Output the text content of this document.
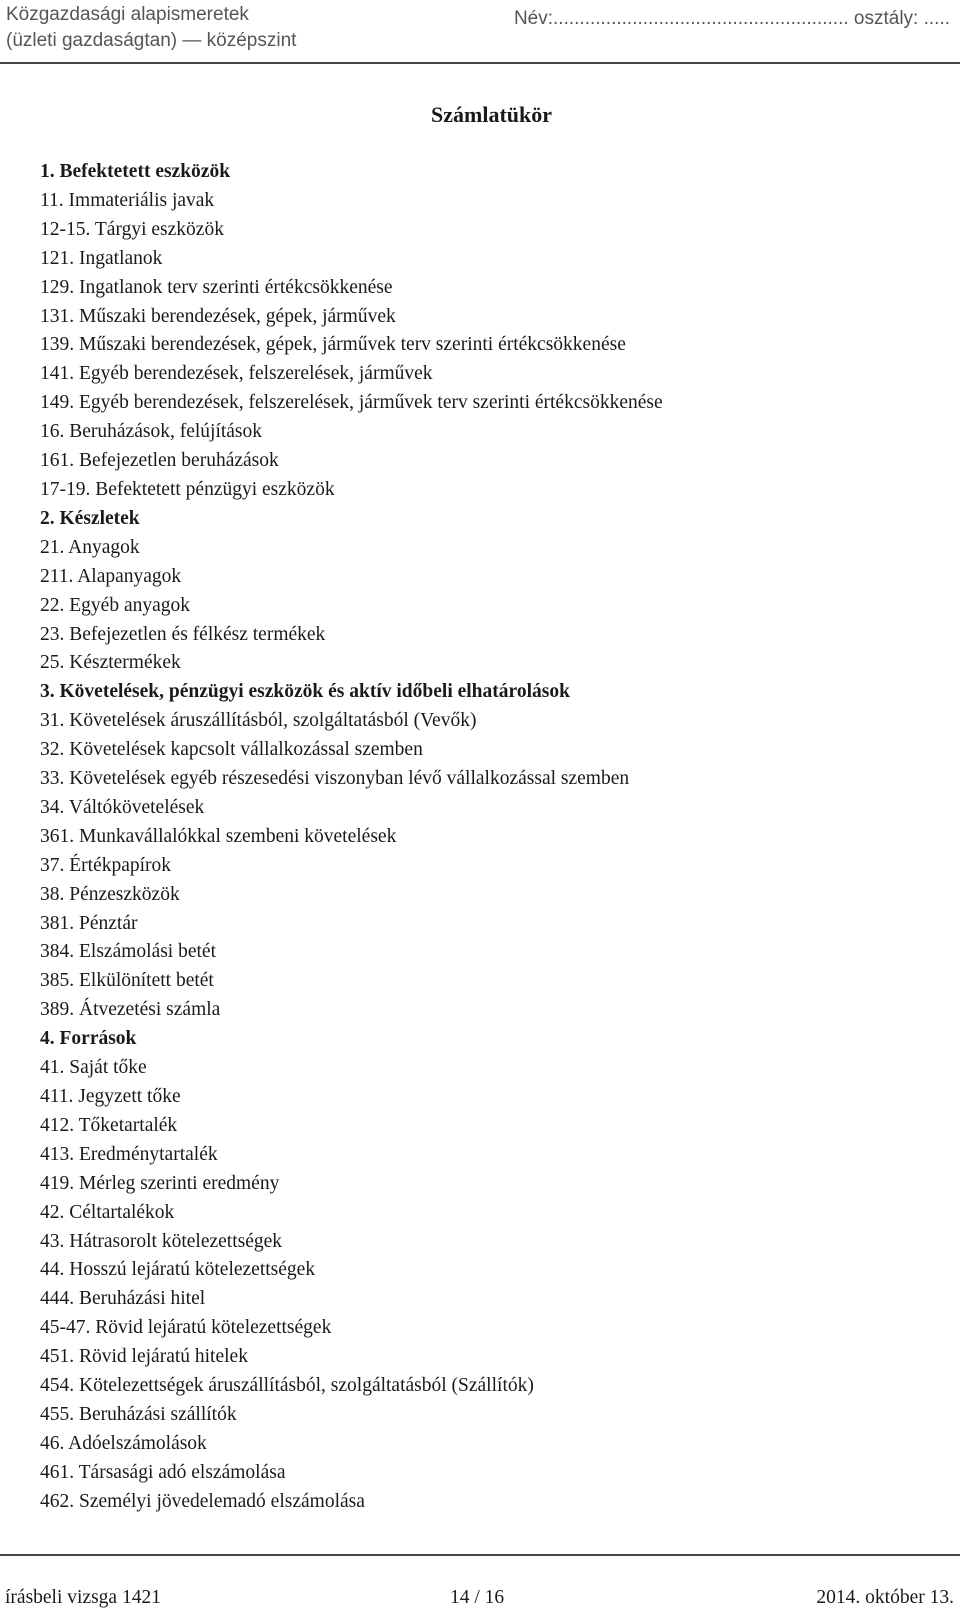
Közgazdasági alapismeretek
(üzleti gazdaságtan) — középszint
Név:........................................................ osztály: .....
Számlatükör
1. Befektetett eszközök
11. Immateriális javak
12-15. Tárgyi eszközök
121. Ingatlanok
129. Ingatlanok terv szerinti értékcsökkenése
131. Műszaki berendezések, gépek, járművek
139. Műszaki berendezések, gépek, járművek terv szerinti értékcsökkenése
141. Egyéb berendezések, felszerelések, járművek
149. Egyéb berendezések, felszerelések, járművek terv szerinti értékcsökkenése
16. Beruházások, felújítások
161. Befejezetlen beruházások
17-19. Befektetett pénzügyi eszközök
2. Készletek
21. Anyagok
211. Alapanyagok
22. Egyéb anyagok
23. Befejezetlen és félkész termékek
25. Késztermékek
3. Követelések, pénzügyi eszközök és aktív időbeli elhatárolások
31. Követelések áruszállításból, szolgáltatásból (Vevők)
32. Követelések kapcsolt vállalkozással szemben
33. Követelések egyéb részesedési viszonyban lévő vállalkozással szemben
34. Váltókövetelések
361. Munkavállalókkal szembeni követelések
37. Értékpapírok
38. Pénzeszközök
381. Pénztár
384. Elszámolási betét
385. Elkülönített betét
389. Átvezetési számla
4. Források
41. Saját tőke
411. Jegyzett tőke
412. Tőketartalék
413. Eredménytartalék
419. Mérleg szerinti eredmény
42. Céltartalékok
43. Hátrasorolt kötelezettségek
44. Hosszú lejáratú kötelezettségek
444. Beruházási hitel
45-47. Rövid lejáratú kötelezettségek
451. Rövid lejáratú hitelek
454. Kötelezettségek áruszállításból, szolgáltatásból (Szállítók)
455. Beruházási szállítók
46. Adóelszámolások
461. Társasági adó elszámolása
462. Személyi jövedelemadó elszámolása
írásbeli vizsga 1421	14 / 16	2014. október 13.
